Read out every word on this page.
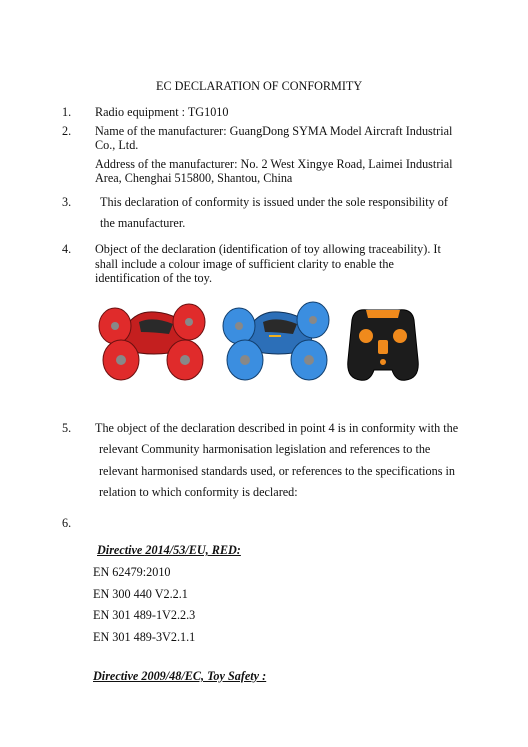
EC DECLARATION OF CONFORMITY
1. Radio equipment : TG1010
2. Name of the manufacturer: GuangDong SYMA Model Aircraft Industrial
Co., Ltd.
Address of the manufacturer: No. 2 West Xingye Road, Laimei Industrial
Area, Chenghai 515800, Shantou, China
3. This declaration of conformity is issued under the sole responsibility of
the manufacturer.
4. Object of the declaration (identification of toy allowing traceability). It
shall include a colour image of sufficient clarity to enable the
identification of the toy.
5. The object of the declaration described in point 4 is in conformity with the
relevant Community harmonisation legislation and references to the
relevant harmonised standards used, or references to the specifications in
relation to which conformity is declared:
6.
Directive 2014/53/EU, RED:
EN 62479:2010
EN 300 440 V2.2.1
EN 301 489-1V2.2.3
EN 301 489-3V2.1.1
Directive 2009/48/EC, Toy Safety :
